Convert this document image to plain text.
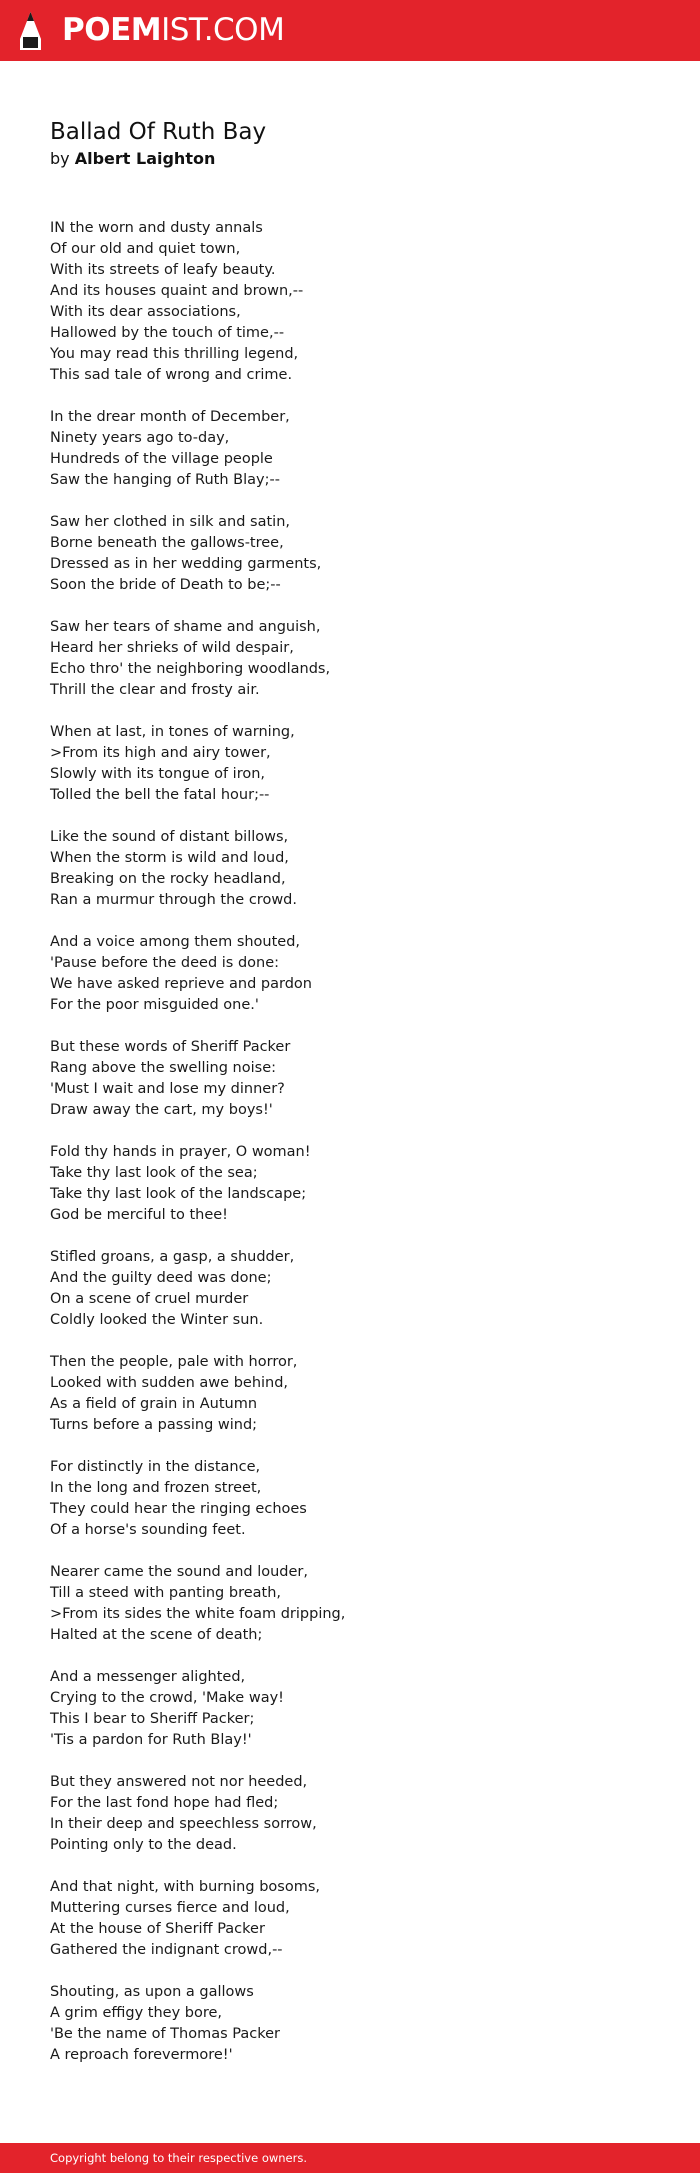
POEMIST.COM
Ballad Of Ruth Bay
by Albert Laighton
IN the worn and dusty annals
Of our old and quiet town,
With its streets of leafy beauty.
And its houses quaint and brown,--
With its dear associations,
Hallowed by the touch of time,--
You may read this thrilling legend,
This sad tale of wrong and crime.
In the drear month of December,
Ninety years ago to-day,
Hundreds of the village people
Saw the hanging of Ruth Blay;--
Saw her clothed in silk and satin,
Borne beneath the gallows-tree,
Dressed as in her wedding garments,
Soon the bride of Death to be;--
Saw her tears of shame and anguish,
Heard her shrieks of wild despair,
Echo thro' the neighboring woodlands,
Thrill the clear and frosty air.
When at last, in tones of warning,
>From its high and airy tower,
Slowly with its tongue of iron,
Tolled the bell the fatal hour;--
Like the sound of distant billows,
When the storm is wild and loud,
Breaking on the rocky headland,
Ran a murmur through the crowd.
And a voice among them shouted,
'Pause before the deed is done:
We have asked reprieve and pardon
For the poor misguided one.'
But these words of Sheriff Packer
Rang above the swelling noise:
'Must I wait and lose my dinner?
Draw away the cart, my boys!'
Fold thy hands in prayer, O woman!
Take thy last look of the sea;
Take thy last look of the landscape;
God be merciful to thee!
Stifled groans, a gasp, a shudder,
And the guilty deed was done;
On a scene of cruel murder
Coldly looked the Winter sun.
Then the people, pale with horror,
Looked with sudden awe behind,
As a field of grain in Autumn
Turns before a passing wind;
For distinctly in the distance,
In the long and frozen street,
They could hear the ringing echoes
Of a horse's sounding feet.
Nearer came the sound and louder,
Till a steed with panting breath,
>From its sides the white foam dripping,
Halted at the scene of death;
And a messenger alighted,
Crying to the crowd, 'Make way!
This I bear to Sheriff Packer;
'Tis a pardon for Ruth Blay!'
But they answered not nor heeded,
For the last fond hope had fled;
In their deep and speechless sorrow,
Pointing only to the dead.
And that night, with burning bosoms,
Muttering curses fierce and loud,
At the house of Sheriff Packer
Gathered the indignant crowd,--
Shouting, as upon a gallows
A grim effigy they bore,
'Be the name of Thomas Packer
A reproach forevermore!'
Copyright belong to their respective owners.
